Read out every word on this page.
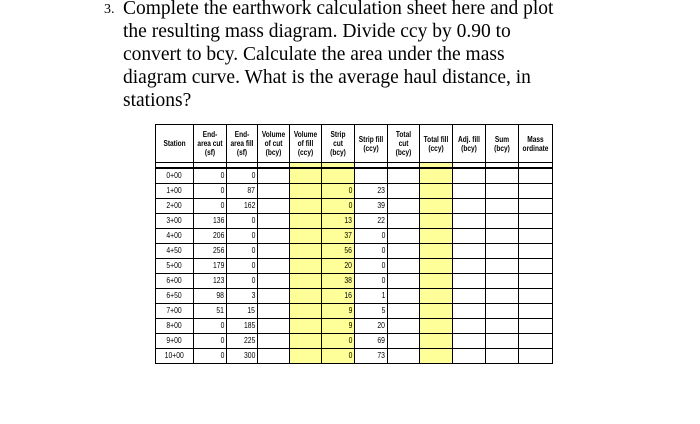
3. Complete the earthwork calculation sheet here and plot
the resulting mass diagram. Divide ccy by 0.90 to
convert to bcy. Calculate the area under the mass
diagram curve. What is the average haul distance, in
stations?
Station	End-area cut (sf)	End-area fill (sf)	Volume of cut (bcy)	Volume of fill (ccy)	Strip cut (bcy)	Strip fill (ccy)	Total cut (bcy)	Total fill (ccy)	Adj. fill (bcy)	Sum (bcy)	Mass ordinate

0+00	0	0									
1+00	0	87			0	23					
2+00	0	162			0	39					
3+00	136	0			13	22					
4+00	206	0			37	0					
4+50	256	0			56	0					
5+00	179	0			20	0					
6+00	123	0			38	0					
6+50	98	3			16	1					
7+00	51	15			9	5					
8+00	0	185			9	20					
9+00	0	225			0	69					
10+00	0	300			0	73					
